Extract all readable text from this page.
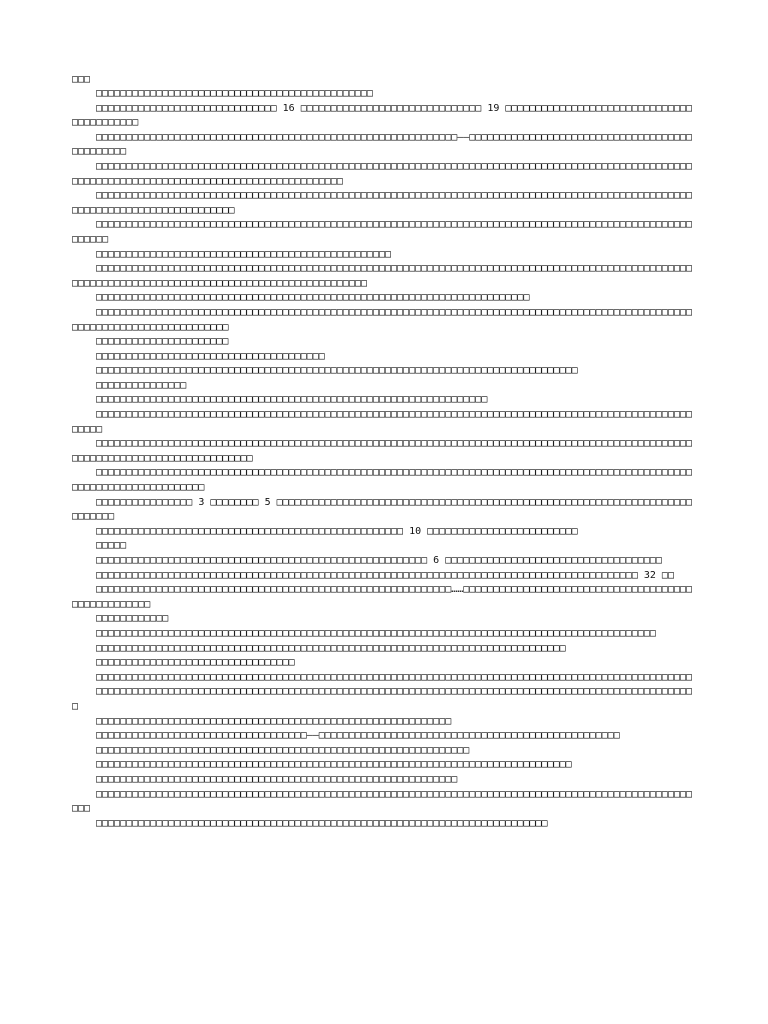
□□□

□□□□□□□□□□□□□□□□□□□□□□□□□□□□□□□□□□□□□□□□□□□□□□

□□□□□□□□□□□□□□□□□□□□□□□□□□□□□□ 16 □□□□□□□□□□□□□□□□□□□□□□□□□□□□□□ 19 □□□□□□□□□□□□□□□□□□□□□□□□□□□□□□□□□□□□□□□□□□

□□□□□□□□□□□□□□□□□□□□□□□□□□□□□□□□□□□□□□□□□□□□□□□□□□□□□□□□□□□□——□□□□□□□□□□□□□□□□□□□□□□□□□□□□□□□□□□□□□□□□□□□□□□

□□□□□□□□□□□□□□□□□□□□□□□□□□□□□□□□□□□□□□□□□□□□□□□□□□□□□□□□□□□□□□□□□□□□□□□□□□□□□□□□□□□□□□□□□□□□□□□□□□□□□□□□□□□□□□□□□□□□□□□□□□□□□□□□□□□□□□□□□□□□□□□□

□□□□□□□□□□□□□□□□□□□□□□□□□□□□□□□□□□□□□□□□□□□□□□□□□□□□□□□□□□□□□□□□□□□□□□□□□□□□□□□□□□□□□□□□□□□□□□□□□□□□□□□□□□□□□□□□□□□□□□□□□□□□□□

□□□□□□□□□□□□□□□□□□□□□□□□□□□□□□□□□□□□□□□□□□□□□□□□□□□□□□□□□□□□□□□□□□□□□□□□□□□□□□□□□□□□□□□□□□□□□□□□□□□□□□□□□

□□□□□□□□□□□□□□□□□□□□□□□□□□□□□□□□□□□□□□□□□□□□□□□□□

□□□□□□□□□□□□□□□□□□□□□□□□□□□□□□□□□□□□□□□□□□□□□□□□□□□□□□□□□□□□□□□□□□□□□□□□□□□□□□□□□□□□□□□□□□□□□□□□□□□□□□□□□□□□□□□□□□□□□□□□□□□□□□□□□□□□□□□□□□□□□□□□□□□□

□□□□□□□□□□□□□□□□□□□□□□□□□□□□□□□□□□□□□□□□□□□□□□□□□□□□□□□□□□□□□□□□□□□□□□□□

□□□□□□□□□□□□□□□□□□□□□□□□□□□□□□□□□□□□□□□□□□□□□□□□□□□□□□□□□□□□□□□□□□□□□□□□□□□□□□□□□□□□□□□□□□□□□□□□□□□□□□□□□□□□□□□□□□□□□□□□□□□□□

□□□□□□□□□□□□□□□□□□□□□□

□□□□□□□□□□□□□□□□□□□□□□□□□□□□□□□□□□□□□□

□□□□□□□□□□□□□□□□□□□□□□□□□□□□□□□□□□□□□□□□□□□□□□□□□□□□□□□□□□□□□□□□□□□□□□□□□□□□□□□□

□□□□□□□□□□□□□□□

□□□□□□□□□□□□□□□□□□□□□□□□□□□□□□□□□□□□□□□□□□□□□□□□□□□□□□□□□□□□□□□□□

□□□□□□□□□□□□□□□□□□□□□□□□□□□□□□□□□□□□□□□□□□□□□□□□□□□□□□□□□□□□□□□□□□□□□□□□□□□□□□□□□□□□□□□□□□□□□□□□□□□□□□□□

□□□□□□□□□□□□□□□□□□□□□□□□□□□□□□□□□□□□□□□□□□□□□□□□□□□□□□□□□□□□□□□□□□□□□□□□□□□□□□□□□□□□□□□□□□□□□□□□□□□□□□□□□□□□□□□□□□□□□□□□□□□□□□□□□

□□□□□□□□□□□□□□□□□□□□□□□□□□□□□□□□□□□□□□□□□□□□□□□□□□□□□□□□□□□□□□□□□□□□□□□□□□□□□□□□□□□□□□□□□□□□□□□□□□□□□□□□□□□□□□□□□□□□□□□□□

□□□□□□□□□□□□□□□□ 3 □□□□□□□□ 5 □□□□□□□□□□□□□□□□□□□□□□□□□□□□□□□□□□□□□□□□□□□□□□□□□□□□□□□□□□□□□□□□□□□□□□□□□□□□

□□□□□□□□□□□□□□□□□□□□□□□□□□□□□□□□□□□□□□□□□□□□□□□□□□□ 10 □□□□□□□□□□□□□□□□□□□□□□□□□

□□□□□

□□□□□□□□□□□□□□□□□□□□□□□□□□□□□□□□□□□□□□□□□□□□□□□□□□□□□□□ 6 □□□□□□□□□□□□□□□□□□□□□□□□□□□□□□□□□□□□

□□□□□□□□□□□□□□□□□□□□□□□□□□□□□□□□□□□□□□□□□□□□□□□□□□□□□□□□□□□□□□□□□□□□□□□□□□□□□□□□□□□□□□□□□□ 32 □□

□□□□□□□□□□□□□□□□□□□□□□□□□□□□□□□□□□□□□□□□□□□□□□□□□□□□□□□□□□□……□□□□□□□□□□□□□□□□□□□□□□□□□□□□□□□□□□□□□□□□□□□□□□□□□□□

□□□□□□□□□□□□

□□□□□□□□□□□□□□□□□□□□□□□□□□□□□□□□□□□□□□□□□□□□□□□□□□□□□□□□□□□□□□□□□□□□□□□□□□□□□□□□□□□□□□□□□□□□□

□□□□□□□□□□□□□□□□□□□□□□□□□□□□□□□□□□□□□□□□□□□□□□□□□□□□□□□□□□□□□□□□□□□□□□□□□□□□□□

□□□□□□□□□□□□□□□□□□□□□□□□□□□□□□□□□

□□□□□□□□□□□□□□□□□□□□□□□□□□□□□□□□□□□□□□□□□□□□□□□□□□□□□□□□□□□□□□□□□□□□□□□□□□□□□□□□□□□□□□□□□□□□□□□□□□□

□□□□□□□□□□□□□□□□□□□□□□□□□□□□□□□□□□□□□□□□□□□□□□□□□□□□□□□□□□□□□□□□□□□□□□□□□□□□□□□□□□□□□□□□□□□□□□□□□□□□

□□□□□□□□□□□□□□□□□□□□□□□□□□□□□□□□□□□□□□□□□□□□□□□□□□□□□□□□□□□

□□□□□□□□□□□□□□□□□□□□□□□□□□□□□□□□□□□——□□□□□□□□□□□□□□□□□□□□□□□□□□□□□□□□□□□□□□□□□□□□□□□□□□

□□□□□□□□□□□□□□□□□□□□□□□□□□□□□□□□□□□□□□□□□□□□□□□□□□□□□□□□□□□□□□

□□□□□□□□□□□□□□□□□□□□□□□□□□□□□□□□□□□□□□□□□□□□□□□□□□□□□□□□□□□□□□□□□□□□□□□□□□□□□□□

□□□□□□□□□□□□□□□□□□□□□□□□□□□□□□□□□□□□□□□□□□□□□□□□□□□□□□□□□□□□

□□□□□□□□□□□□□□□□□□□□□□□□□□□□□□□□□□□□□□□□□□□□□□□□□□□□□□□□□□□□□□□□□□□□□□□□□□□□□□□□□□□□□□□□□□□□□□□□□□□□□□

□□□□□□□□□□□□□□□□□□□□□□□□□□□□□□□□□□□□□□□□□□□□□□□□□□□□□□□□□□□□□□□□□□□□□□□□□□□
